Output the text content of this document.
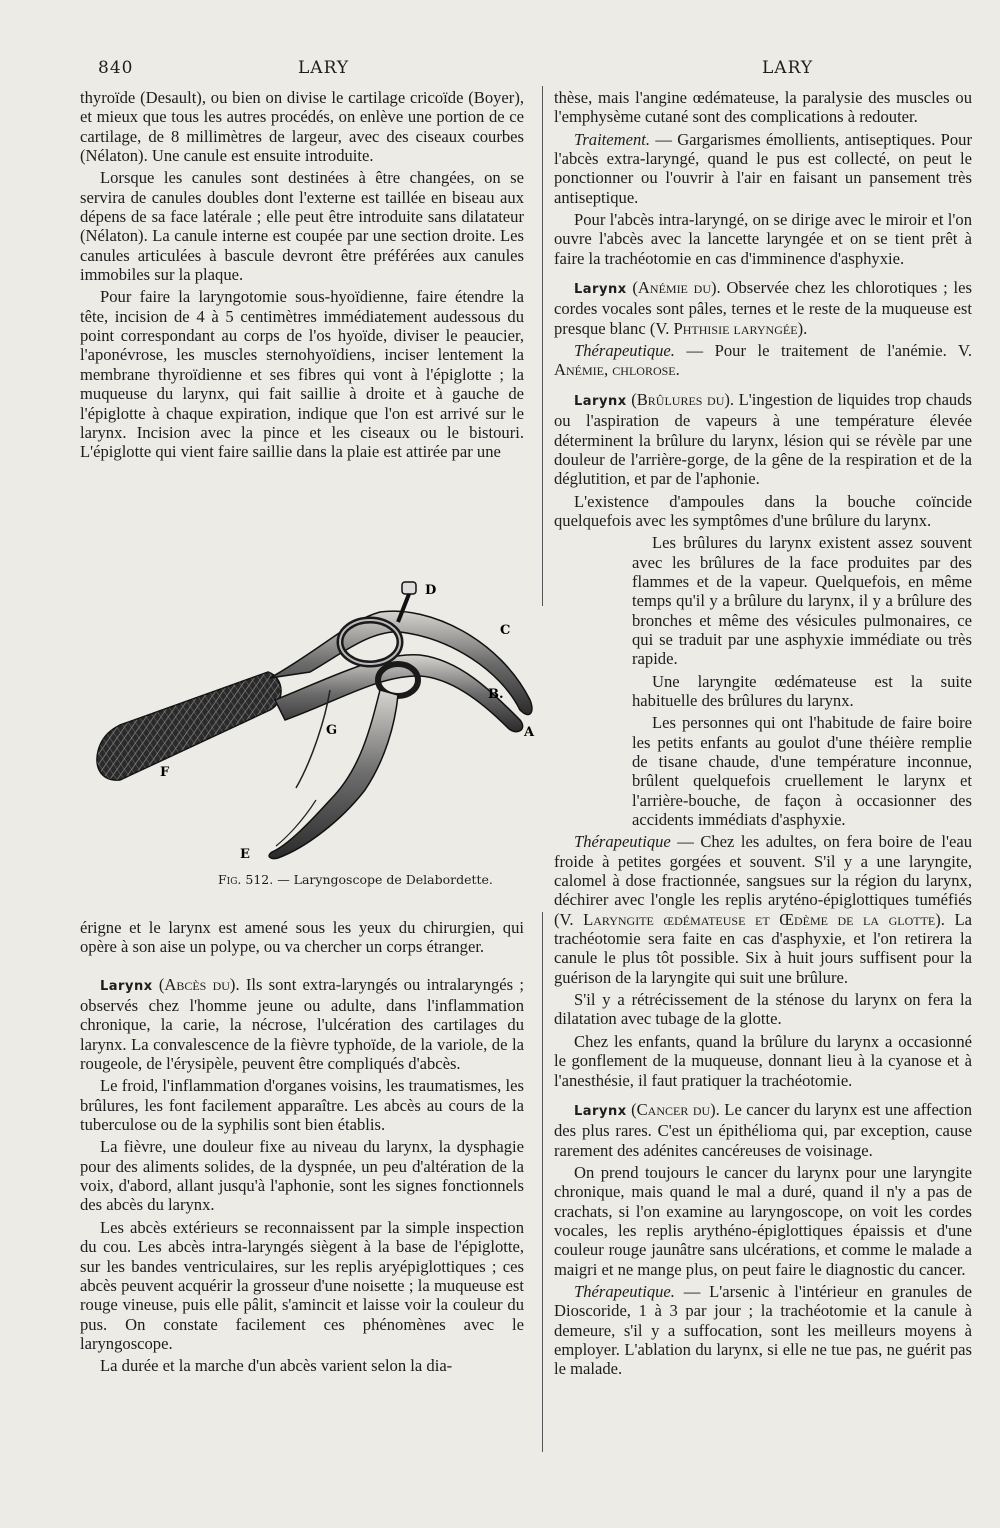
840	LARY	LARY

thyroïde (Desault), ou bien on divise le cartilage cricoïde (Boyer), et mieux que tous les autres procédés, on enlève une portion de ce cartilage, de 8 millimètres de largeur, avec des ciseaux courbes (Nélaton). Une canule est ensuite introduite.

Lorsque les canules sont destinées à être changées, on se servira de canules doubles dont l'externe est taillée en biseau aux dépens de sa face latérale ; elle peut être introduite sans dilatateur (Nélaton). La canule interne est coupée par une section droite. Les canules articulées à bascule devront être préférées aux canules immobiles sur la plaque.

Pour faire la laryngotomie sous-hyoïdienne, faire étendre la tête, incision de 4 à 5 centimètres immédiatement audessous du point correspondant au corps de l'os hyoïde, diviser le peaucier, l'aponévrose, les muscles sternohyoïdiens, inciser lentement la membrane thyroïdienne et ses fibres qui vont à l'épiglotte ; la muqueuse du larynx, qui fait saillie à droite et à gauche de l'épiglotte à chaque expiration, indique que l'on est arrivé sur le larynx. Incision avec la pince et les ciseaux ou le bistouri. L'épiglotte qui vient faire saillie dans la plaie est attirée par une

D
C
B.
A
G
F
E
Fig. 512. — Laryngoscope de Delabordette.

érigne et le larynx est amené sous les yeux du chirurgien, qui opère à son aise un polype, ou va chercher un corps étranger.

Larynx (Abcès du). Ils sont extra-laryngés ou intralaryngés ; observés chez l'homme jeune ou adulte, dans l'inflammation chronique, la carie, la nécrose, l'ulcération des cartilages du larynx. La convalescence de la fièvre typhoïde, de la variole, de la rougeole, de l'érysipèle, peuvent être compliqués d'abcès.

Le froid, l'inflammation d'organes voisins, les traumatismes, les brûlures, les font facilement apparaître. Les abcès au cours de la tuberculose ou de la syphilis sont bien établis.

La fièvre, une douleur fixe au niveau du larynx, la dysphagie pour des aliments solides, de la dyspnée, un peu d'altération de la voix, d'abord, allant jusqu'à l'aphonie, sont les signes fonctionnels des abcès du larynx.

Les abcès extérieurs se reconnaissent par la simple inspection du cou. Les abcès intra-laryngés siègent à la base de l'épiglotte, sur les bandes ventriculaires, sur les replis aryépiglottiques ; ces abcès peuvent acquérir la grosseur d'une noisette ; la muqueuse est rouge vineuse, puis elle pâlit, s'amincit et laisse voir la couleur du pus. On constate facilement ces phénomènes avec le laryngoscope.

La durée et la marche d'un abcès varient selon la dia-

thèse, mais l'angine œdémateuse, la paralysie des muscles ou l'emphysème cutané sont des complications à redouter.

Traitement. — Gargarismes émollients, antiseptiques. Pour l'abcès extra-laryngé, quand le pus est collecté, on peut le ponctionner ou l'ouvrir à l'air en faisant un pansement très antiseptique.

Pour l'abcès intra-laryngé, on se dirige avec le miroir et l'on ouvre l'abcès avec la lancette laryngée et on se tient prêt à faire la trachéotomie en cas d'imminence d'asphyxie.

Larynx (Anémie du). Observée chez les chlorotiques ; les cordes vocales sont pâles, ternes et le reste de la muqueuse est presque blanc (V. Phthisie laryngée).

Thérapeutique. — Pour le traitement de l'anémie. V. Anémie, chlorose.

Larynx (Brûlures du). L'ingestion de liquides trop chauds ou l'aspiration de vapeurs à une température élevée déterminent la brûlure du larynx, lésion qui se révèle par une douleur de l'arrière-gorge, de la gêne de la respiration et de la déglutition, et par de l'aphonie.

L'existence d'ampoules dans la bouche coïncide quelquefois avec les symptômes d'une brûlure du larynx.

Les brûlures du larynx existent assez souvent avec les brûlures de la face produites par des flammes et de la vapeur. Quelquefois, en même temps qu'il y a brûlure du larynx, il y a brûlure des bronches et même des vésicules pulmonaires, ce qui se traduit par une asphyxie immédiate ou très rapide.

Une laryngite œdémateuse est la suite habituelle des brûlures du larynx.

Les personnes qui ont l'habitude de faire boire les petits enfants au goulot d'une théière remplie de tisane chaude, d'une température inconnue, brûlent quelquefois cruellement le larynx et l'arrière-bouche, de façon à occasionner des accidents immédiats d'asphyxie.

Thérapeutique — Chez les adultes, on fera boire de l'eau froide à petites gorgées et souvent. S'il y a une laryngite, calomel à dose fractionnée, sangsues sur la région du larynx, déchirer avec l'ongle les replis aryténo-épiglottiques tuméfiés (V. Laryngite œdémateuse et Œdème de la glotte). La trachéotomie sera faite en cas d'asphyxie, et l'on retirera la canule le plus tôt possible. Six à huit jours suffisent pour la guérison de la laryngite qui suit une brûlure.

S'il y a rétrécissement de la sténose du larynx on fera la dilatation avec tubage de la glotte.

Chez les enfants, quand la brûlure du larynx a occasionné le gonflement de la muqueuse, donnant lieu à la cyanose et à l'anesthésie, il faut pratiquer la trachéotomie.

Larynx (Cancer du). Le cancer du larynx est une affection des plus rares. C'est un épithélioma qui, par exception, cause rarement des adénites cancéreuses de voisinage.

On prend toujours le cancer du larynx pour une laryngite chronique, mais quand le mal a duré, quand il n'y a pas de crachats, si l'on examine au laryngoscope, on voit les cordes vocales, les replis arythéno-épiglottiques épaissis et d'une couleur rouge jaunâtre sans ulcérations, et comme le malade a maigri et ne mange plus, on peut faire le diagnostic du cancer.

Thérapeutique. — L'arsenic à l'intérieur en granules de Dioscoride, 1 à 3 par jour ; la trachéotomie et la canule à demeure, s'il y a suffocation, sont les meilleurs moyens à employer. L'ablation du larynx, si elle ne tue pas, ne guérit pas le malade.
